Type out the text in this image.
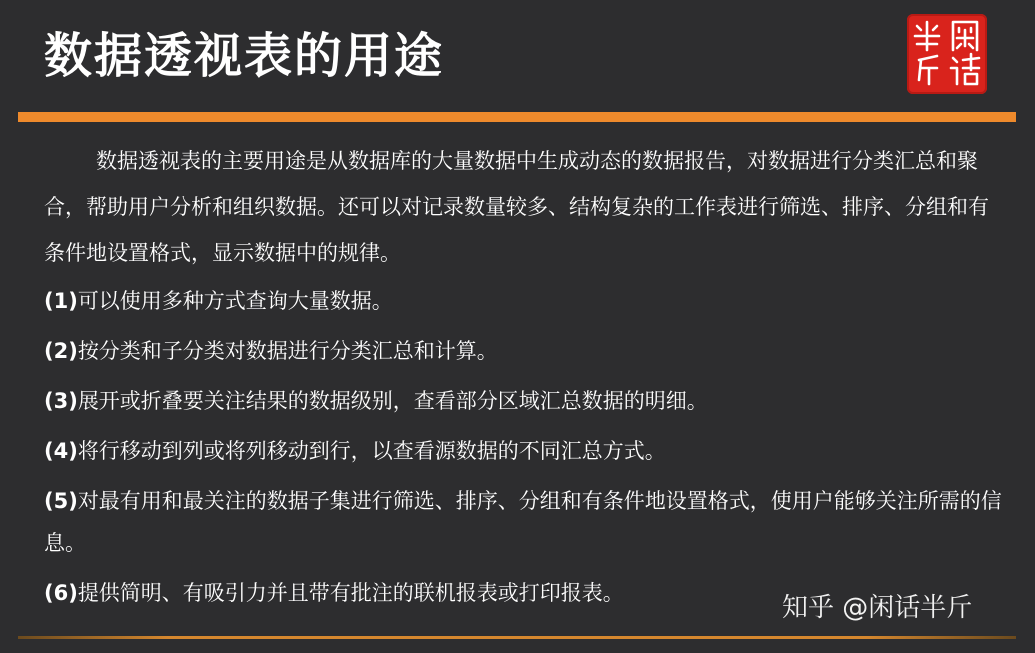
数据透视表的用途

数据透视表的主要用途是从数据库的大量数据中生成动态的数据报告，对数据进行分类汇总和聚合，帮助用户分析和组织数据。还可以对记录数量较多、结构复杂的工作表进行筛选、排序、分组和有条件地设置格式，显示数据中的规律。

(1)可以使用多种方式查询大量数据。

(2)按分类和子分类对数据进行分类汇总和计算。

(3)展开或折叠要关注结果的数据级别，查看部分区域汇总数据的明细。

(4)将行移动到列或将列移动到行，以查看源数据的不同汇总方式。

(5)对最有用和最关注的数据子集进行筛选、排序、分组和有条件地设置格式，使用户能够关注所需的信息。

(6)提供简明、有吸引力并且带有批注的联机报表或打印报表。	知乎 @闲话半斤
